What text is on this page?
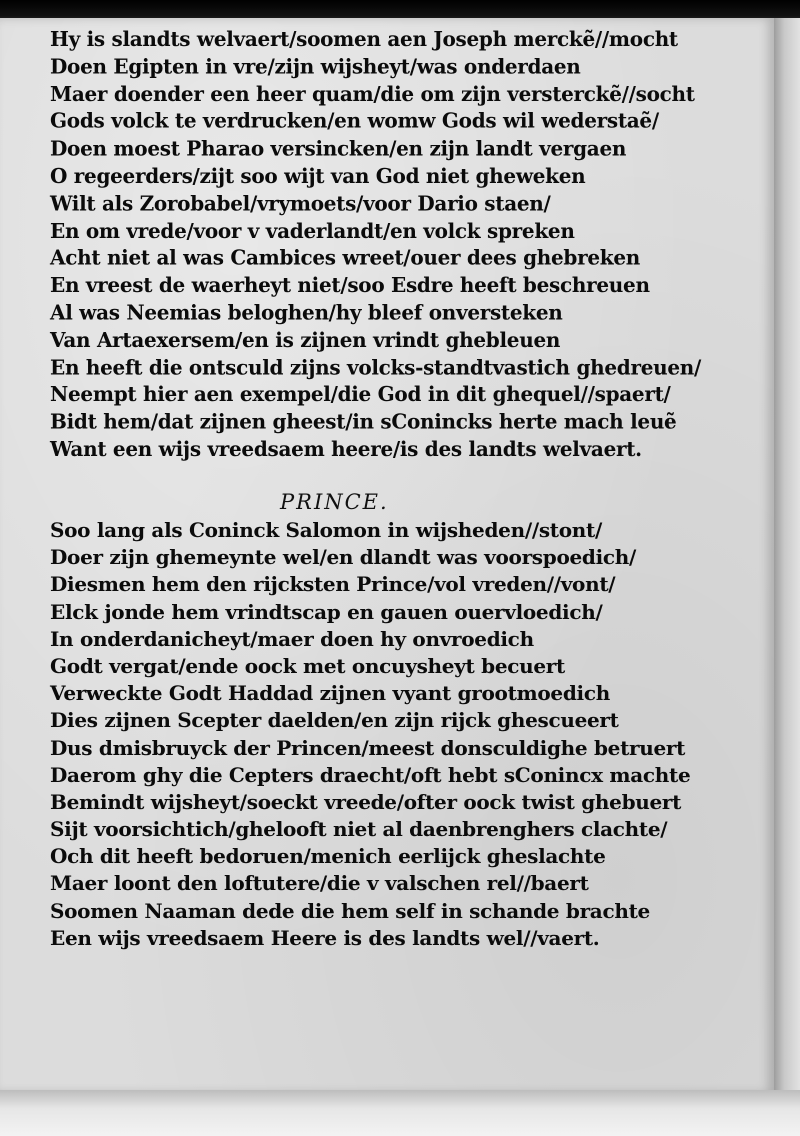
Hy is slandts welvaert/soomen aen Joseph merckẽ//mocht
Doen Egipten in vre/zijn wijsheyt/was onderdaen
Maer doender een heer quam/die om zijn versterckẽ//socht
Gods volck te verdrucken/en womw Gods wil wederstaẽ/
Doen moest Pharao versincken/en zijn landt vergaen
O regeerders/zijt soo wijt van God niet gheweken
Wilt als Zorobabel/vrymoets/voor Dario staen/
En om vrede/voor v vaderlandt/en volck spreken
Acht niet al was Cambices wreet/ouer dees ghebreken
En vreest de waerheyt niet/soo Esdre heeft beschreuen
Al was Neemias beloghen/hy bleef onversteken
Van Artaexersem/en is zijnen vrindt ghebleuen
En heeft die ontsculd zijns volcks-standtvastich ghedreuen/
Neempt hier aen exempel/die God in dit ghequel//spaert/
Bidt hem/dat zijnen gheest/in sConincks herte mach leuẽ
Want een wijs vreedsaem heere/is des landts welvaert.
PRINCE.
Soo lang als Coninck Salomon in wijsheden//stont/
Doer zijn ghemeynte wel/en dlandt was voorspoedich/
Diesmen hem den rijcksten Prince/vol vreden//vont/
Elck jonde hem vrindtscap en gauen ouervloedich/
In onderdanicheyt/maer doen hy onvroedich
Godt vergat/ende oock met oncuysheyt becuert
Verweckte Godt Haddad zijnen vyant grootmoedich
Dies zijnen Scepter daelden/en zijn rijck ghescueert
Dus dmisbruyck der Princen/meest donsculdighe betruert
Daerom ghy die Cepters draecht/oft hebt sConincx machte
Bemindt wijsheyt/soeckt vreede/ofter oock twist ghebuert
Sijt voorsichtich/ghelooft niet al daenbrenghers clachte/
Och dit heeft bedoruen/menich eerlijck gheslachte
Maer loont den loftutere/die v valschen rel//baert
Soomen Naaman dede die hem self in schande brachte
Een wijs vreedsaem Heere is des landts wel//vaert.
